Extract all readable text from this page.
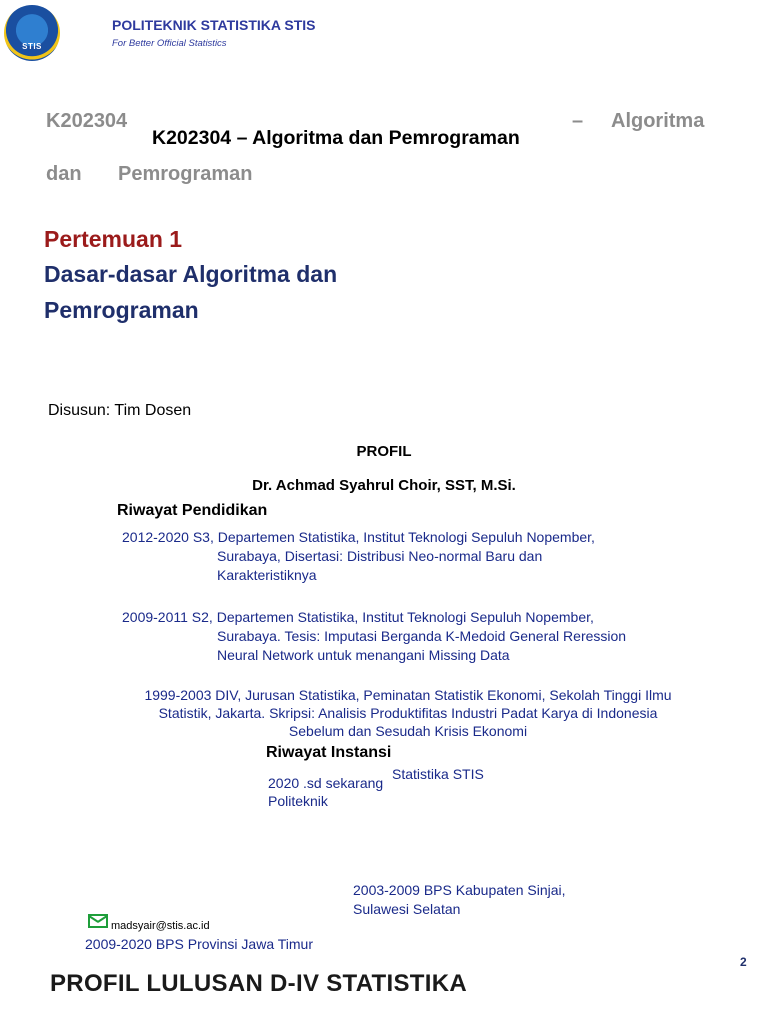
STIS
POLITEKNIK STATISTIKA STIS
For Better Official Statistics
K202304	– Algoritma
dan Pemrograman
K202304 – Algoritma dan Pemrograman
Pertemuan 1
Dasar-dasar Algoritma dan
Pemrograman
Disusun: Tim Dosen
PROFIL
Dr. Achmad Syahrul Choir, SST, M.Si.
Riwayat Pendidikan
2012-2020 S3, Departemen Statistika, Institut Teknologi Sepuluh Nopember,
Surabaya, Disertasi: Distribusi Neo-normal Baru dan
Karakteristiknya
2009-2011 S2, Departemen Statistika, Institut Teknologi Sepuluh Nopember,
Surabaya. Tesis: Imputasi Berganda K-Medoid General Reression
Neural Network untuk menangani Missing Data
1999-2003 DIV, Jurusan Statistika, Peminatan Statistik Ekonomi, Sekolah Tinggi Ilmu
Statistik, Jakarta. Skripsi: Analisis Produktifitas Industri Padat Karya di Indonesia
Sebelum dan Sesudah Krisis Ekonomi
Riwayat Instansi
2020 .sd sekarang
Statistika STIS
Politeknik
2003-2009 BPS Kabupaten Sinjai,
Sulawesi Selatan
madsyair@stis.ac.id
2009-2020 BPS Provinsi Jawa Timur
2
PROFIL LULUSAN D-IV STATISTIKA
